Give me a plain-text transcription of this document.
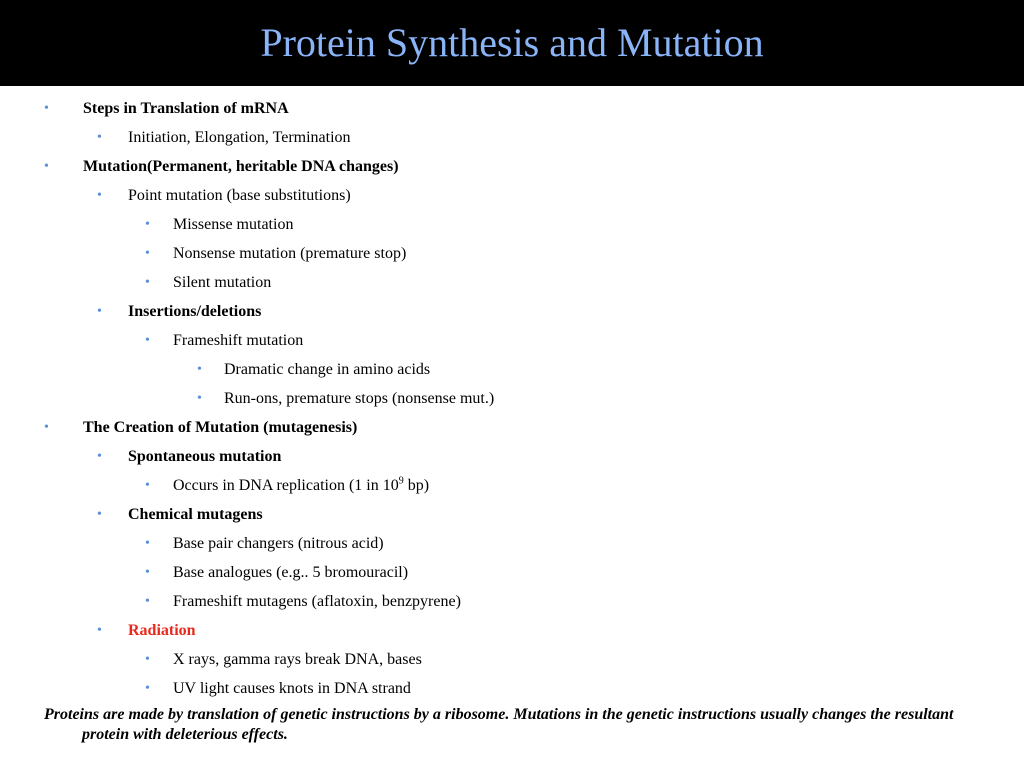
Protein Synthesis and Mutation
• Steps in Translation of mRNA
• Initiation, Elongation, Termination
• Mutation(Permanent, heritable DNA changes)
• Point mutation (base substitutions)
• Missense mutation
• Nonsense mutation (premature stop)
• Silent mutation
• Insertions/deletions
• Frameshift mutation
• Dramatic change in amino acids
• Run-ons, premature stops (nonsense mut.)
• The Creation of Mutation (mutagenesis)
• Spontaneous mutation
• Occurs in DNA replication (1 in $10^9$ bp)
• Chemical mutagens
• Base pair changers (nitrous acid)
• Base analogues (e.g.. 5 bromouracil)
• Frameshift mutagens (aflatoxin, benzpyrene)
• Radiation
• X rays, gamma rays break DNA, bases
• UV light causes knots in DNA strand
Proteins are made by translation of genetic instructions by a ribosome. Mutations in the genetic instructions usually changes the resultant protein with deleterious effects.
